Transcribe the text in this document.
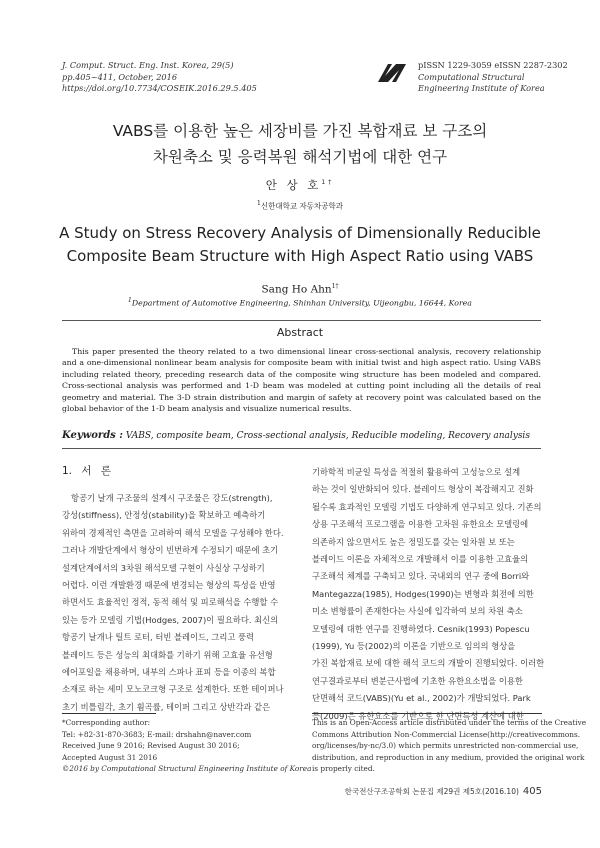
J. Comput. Struct. Eng. Inst. Korea, 29(5)
pp.405~411, October, 2016
https://doi.org/10.7734/COSEIK.2016.29.5.405
pISSN 1229-3059 eISSN 2287-2302
Computational Structural
Engineering Institute of Korea
VABS를 이용한 높은 세장비를 가진 복합재료 보 구조의
차원축소 및 응력복원 해석기법에 대한 연구
안 상 호$^{1\dagger}$
$^1$신한대학교 자동차공학과
A Study on Stress Recovery Analysis of Dimensionally Reducible
Composite Beam Structure with High Aspect Ratio using VABS
Sang Ho Ahn$^{1\dagger}$
$^1$Department of Automotive Engineering, Shinhan University, Uijeongbu, 16644, Korea
Abstract
This paper presented the theory related to a two dimensional linear cross-sectional analysis, recovery relationship and a one-dimensional nonlinear beam analysis for composite beam with initial twist and high aspect ratio. Using VABS including related theory, preceding research data of the composite wing structure has been modeled and compared. Cross-sectional analysis was performed and 1-D beam was modeled at cutting point including all the details of real geometry and material. The 3-D strain distribution and margin of safety at recovery point was calculated based on the global behavior of the 1-D beam analysis and visualize numerical results.
Keywords : VABS, composite beam, Cross-sectional analysis, Reducible modeling, Recovery analysis
1. 서 론
항공기 날개 구조물의 설계시 구조물은 강도(strength),
강성(stiffness), 안정성(stability)을 확보하고 예측하기
위하여 경제적인 측면을 고려하여 해석 모델을 구성해야 한다.
그러나 개발단계에서 형상이 빈번하게 수정되기 때문에 초기
설계단계에서의 3차원 해석모델 구현이 사실상 구성하기
어렵다. 이런 개발환경 때문에 변경되는 형상의 특성을 반영
하면서도 효율적인 정적, 동적 해석 및 피로해석을 수행할 수
있는 등가 모델링 기법(Hodges, 2007)이 필요하다. 최신의
항공기 날개나 틸트 로터, 터빈 블레이드, 그리고 풍력
블레이드 등은 성능의 최대화를 기하기 위해 고효율 유선형
에어포일을 채용하며, 내부의 스파나 표피 등을 이종의 복합
소재로 하는 세미 모노코크형 구조로 설계한다. 또한 테이퍼나
초기 비틀림각, 초기 휨곡률, 테이퍼 그리고 상반각과 같은
기하학적 비균일 특성을 적절히 활용하여 고성능으로 설계
하는 것이 일반화되어 있다. 블레이드 형상이 복잡해지고 진화
될수록 효과적인 모델링 기법도 다양하게 연구되고 있다. 기존의
상용 구조해석 프로그램을 이용한 고차원 유한요소 모델링에
의존하지 않으면서도 높은 정밀도를 갖는 일차원 보 또는
블레이드 이론을 자체적으로 개발해서 이를 이용한 고효율의
구조해석 체계를 구축되고 있다. 국내외의 연구 중에 Borri와
Mantegazza(1985), Hodges(1990)는 변형과 회전에 의한
미소 변형률이 존재한다는 사실에 입각하여 보의 차원 축소
모델링에 대한 연구를 진행하였다. Cesnik(1993) Popescu
(1999), Yu 등(2002)의 이론을 기반으로 임의의 형상을
가진 복합재료 보에 대한 해석 코드의 개발이 진행되었다. 이러한
연구결과로부터 변분근사법에 기초한 유한요소법을 이용한
단면해석 코드(VABS)(Yu et al., 2002)가 개발되었다. Park
등(2009)은 유한요소를 기반으로 한 단면특성 계산에 대한
*Corresponding author:
Tel: +82-31-870-3683; E-mail: drshahn@naver.com
Received June 9 2016; Revised August 30 2016;
Accepted August 31 2016
©2016 by Computational Structural Engineering Institute of Korea
This is an Open-Access article distributed under the terms of the Creative
Commons Attribution Non-Commercial License(http://creativecommons.
org/licenses/by-nc/3.0) which permits unrestricted non-commercial use,
distribution, and reproduction in any medium, provided the original work
is properly cited.
한국전산구조공학회 논문집 제29권 제5호(2016.10) 405
